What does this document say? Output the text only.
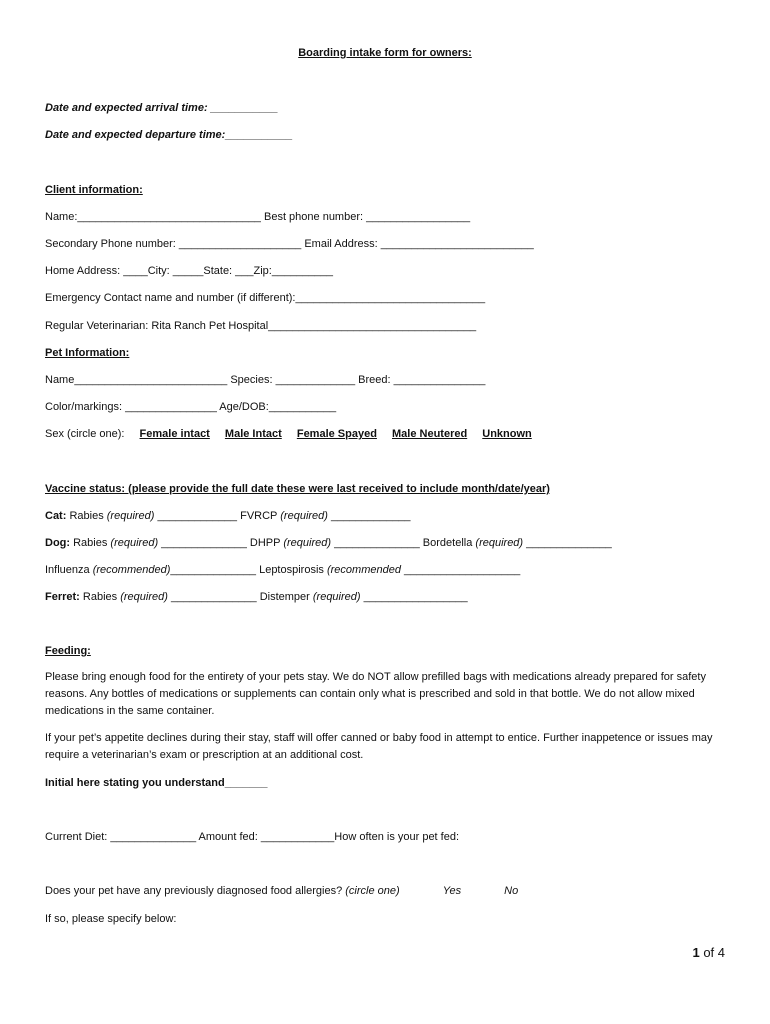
Boarding intake form for owners:
Date and expected arrival time: ___________
Date and expected departure time:___________
Client information:
Name:______________________________ Best phone number: _________________
Secondary Phone number: ____________________ Email Address: _________________________
Home Address: ____City: _____State: ___Zip:__________
Emergency Contact name and number (if different):_______________________________
Regular Veterinarian: Rita Ranch Pet Hospital__________________________________
Pet Information:
Name_________________________ Species: _____________ Breed: _______________
Color/markings: _______________ Age/DOB:___________
Sex (circle one): Female intact Male Intact Female Spayed Male Neutered Unknown
Vaccine status: (please provide the full date these were last received to include month/date/year)
Cat: Rabies (required) _____________ FVRCP (required) _____________
Dog: Rabies (required) ______________ DHPP (required) ______________ Bordetella (required) ______________
Influenza (recommended)______________ Leptospirosis (recommended ___________________
Ferret: Rabies (required) ______________ Distemper (required) _________________
Feeding:
Please bring enough food for the entirety of your pets stay. We do NOT allow prefilled bags with medications already prepared for safety reasons. Any bottles of medications or supplements can contain only what is prescribed and sold in that bottle. We do not allow mixed medications in the same container.
If your pet’s appetite declines during their stay, staff will offer canned or baby food in attempt to entice. Further inappetence or issues may require a veterinarian’s exam or prescription at an additional cost.
Initial here stating you understand_______
Current Diet: ______________ Amount fed: ____________How often is your pet fed:
Does your pet have any previously diagnosed food allergies? (circle one)	Yes	No
If so, please specify below:
1 of 4
